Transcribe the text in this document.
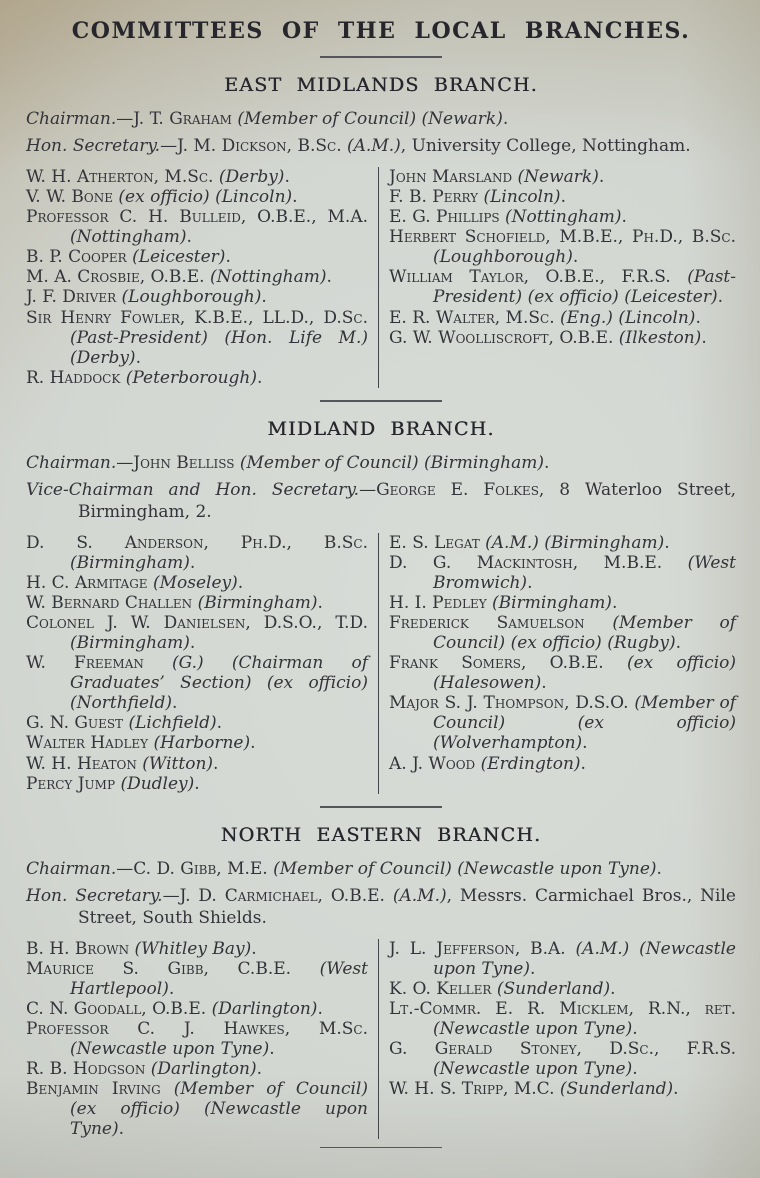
COMMITTEES OF THE LOCAL BRANCHES.
EAST MIDLANDS BRANCH.

Chairman.—J. T. Graham (Member of Council) (Newark).

Hon. Secretary.—J. M. Dickson, B.Sc. (A.M.), University College, Nottingham.

W. H. Atherton, M.Sc. (Derby).

V. W. Bone (ex officio) (Lincoln).

Professor C. H. Bulleid, O.B.E., M.A. (Nottingham).

B. P. Cooper (Leicester).

M. A. Crosbie, O.B.E. (Nottingham).

J. F. Driver (Loughborough).

Sir Henry Fowler, K.B.E., LL.D., D.Sc. (Past-President) (Hon. Life M.) (Derby).

R. Haddock (Peterborough).

John Marsland (Newark).

F. B. Perry (Lincoln).

E. G. Phillips (Nottingham).

Herbert Schofield, M.B.E., Ph.D., B.Sc. (Loughborough).

William Taylor, O.B.E., F.R.S. (Past-President) (ex officio) (Leicester).

E. R. Walter, M.Sc. (Eng.) (Lincoln).

G. W. Woolliscroft, O.B.E. (Ilkeston).

MIDLAND BRANCH.

Chairman.—John Belliss (Member of Council) (Birmingham).

Vice-Chairman and Hon. Secretary.—George E. Folkes, 8 Waterloo Street, Birmingham, 2.

D. S. Anderson, Ph.D., B.Sc. (Birmingham).

H. C. Armitage (Moseley).

W. Bernard Challen (Birmingham).

Colonel J. W. Danielsen, D.S.O., T.D. (Birmingham).

W. Freeman (G.) (Chairman of Graduates’ Section) (ex officio) (Northfield).

G. N. Guest (Lichfield).

Walter Hadley (Harborne).

W. H. Heaton (Witton).

Percy Jump (Dudley).

E. S. Legat (A.M.) (Birmingham).

D. G. Mackintosh, M.B.E. (West Bromwich).

H. I. Pedley (Birmingham).

Frederick Samuelson (Member of Council) (ex officio) (Rugby).

Frank Somers, O.B.E. (ex officio) (Halesowen).

Major S. J. Thompson, D.S.O. (Member of Council)	(ex officio) (Wolverhampton).

A. J. Wood (Erdington).

NORTH EASTERN BRANCH.

Chairman.—C. D. Gibb, M.E. (Member of Council) (Newcastle upon Tyne).

Hon. Secretary.—J. D. Carmichael, O.B.E. (A.M.), Messrs. Carmichael Bros., Nile Street, South Shields.

B. H. Brown (Whitley Bay).

Maurice S. Gibb, C.B.E. (West Hartlepool).

C. N. Goodall, O.B.E. (Darlington).

Professor C. J. Hawkes, M.Sc. (Newcastle upon Tyne).

R. B. Hodgson (Darlington).

Benjamin Irving (Member of Council) (ex officio) (Newcastle upon Tyne).

J. L. Jefferson, B.A. (A.M.) (Newcastle upon Tyne).

K. O. Keller (Sunderland).

Lt.-Commr. E. R. Micklem, R.N., ret. (Newcastle upon Tyne).

G. Gerald Stoney, D.Sc., F.R.S. (Newcastle upon Tyne).

W. H. S. Tripp, M.C. (Sunderland).
